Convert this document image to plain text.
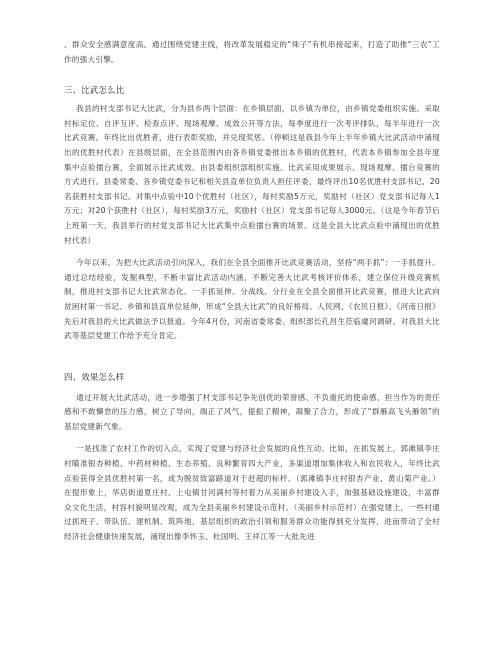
、群众安全感满意度高。通过围绕党建主线，将改革发展稳定的“珠子”有机串接起来，打造了助推“三农”工作的强大引擎。

三、比武怎么比

我县的村支部书记大比武，分为县乡两个层面：在乡镇层面，以乡镇为单位，由乡镇党委组织实施。采取村标定位、自评互评、检查点评、现场观摩、成效公开等方法，每季度进行一次考评排队，每半年进行一次比武竞赛。年终比出优胜者，进行表彰奖励，并兑现奖惩。（停顿这是我县今年上半年乡镇大比武活动中涌现出的优胜村代表）在县级层面，在全县范围内由各乡镇党委推出本乡镇的优胜村，代表本乡镇参加全县年度集中点验擂台赛，全面展示比武成效。由县委组织部组织实施。比武采用成果展示、现场观摩、擂台竞赛的方式进行。县委常委、各乡镇党委书记和相关县直单位负责人担任评委，最终评出10名优胜村支部书记、20名获胜村支部书记。对集中点验中10个优胜村（社区），每村奖励5万元，奖励村（社区）党支部书记每人1万元；对20个获胜村（社区），每村奖励3万元，奖励村（社区）党支部书记每人3000元。（这是今年春节后上班第一天，我县举行的村党支部书记大比武集中点验擂台赛的场景。这是全县大比武点验中涌现出的优胜村代表）

今年以来，为把大比武活动引向深入，我们在全县全面推开比武竞赛活动，坚持“两手抓”：一手抓提升。通过总结经验，发掘典型，不断丰富比武活动内涵，不断完善大比武考核评价体系，建立保位升级竞赛机制，推进村支部书记大比武常态化。一手抓延伸。分战线、分行业在全县全面推开比武竞赛，推进大比武向贫困村第一书记、乡镇和县直单位延伸，形成“全县大比武”的良好格局。人民网、《农民日报》、《河南日报》先后对我县的大比武做法予以报道。今年4月份，河南省委常委、组织部长孔昌生莅临虞河调研，对我县大比武等基层党建工作给予充分肯定。

四、效果怎么样

通过开展大比武活动，进一步增强了村支部书记争先创优的荣誉感、不负重托的使命感、担当作为的责任感和不敢懈怠的压力感，树立了导向，端正了风气，提振了精神，凝聚了合力，形成了“群雁高飞头雁领”的基层党建新气象。

一是找准了农村工作的切入点，实现了党建与经济社会发展的良性互动。比如，在抓发展上，郭滩镇李庄村瞄准银杏种植、中药材种植、生态养殖、良种繁育四大产业，多渠道增加集体收入和农民收入，年终比武点验获得全县优胜村第一名，成为脱贫致富路道对于赶超的标杆。（郭滩镇李庄村银杏产业、黄山菊产业。）在提形象上，华店街道夏庄村、上屯镇甘河满村等村着力从美丽乡村建设入手，加强基础设施建设，丰富群众文化生活，村容村貌明显改观，成为全县美丽乡村建设示范村。（美丽乡村示范村）在强党建上，一些村通过抓班子、带队伍、建机制、筑阵地，基层组织的政治引领和服务群众功能得到充分发挥，进而带动了全村经济社会健康快速发展，涌现出像李怀玉、杜国明、王祥江等一大批先进
